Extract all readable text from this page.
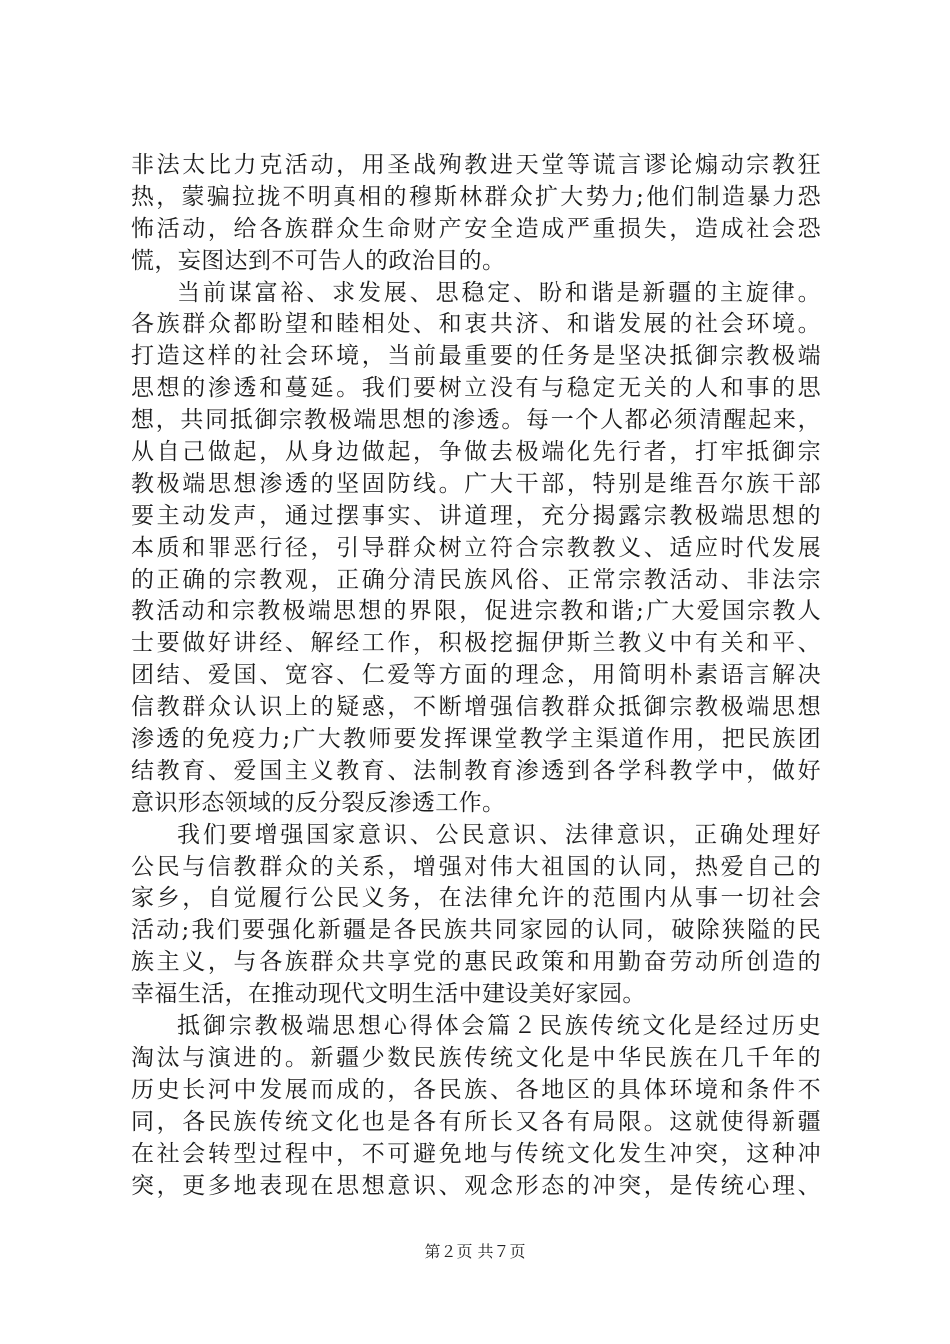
非法太比力克活动，用圣战殉教进天堂等谎言谬论煽动宗教狂
热，蒙骗拉拢不明真相的穆斯林群众扩大势力;他们制造暴力恐
怖活动，给各族群众生命财产安全造成严重损失，造成社会恐
慌，妄图达到不可告人的政治目的。
当前谋富裕、求发展、思稳定、盼和谐是新疆的主旋律。
各族群众都盼望和睦相处、和衷共济、和谐发展的社会环境。
打造这样的社会环境，当前最重要的任务是坚决抵御宗教极端
思想的渗透和蔓延。我们要树立没有与稳定无关的人和事的思
想，共同抵御宗教极端思想的渗透。每一个人都必须清醒起来，
从自己做起，从身边做起，争做去极端化先行者，打牢抵御宗
教极端思想渗透的坚固防线。广大干部，特别是维吾尔族干部
要主动发声，通过摆事实、讲道理，充分揭露宗教极端思想的
本质和罪恶行径，引导群众树立符合宗教教义、适应时代发展
的正确的宗教观，正确分清民族风俗、正常宗教活动、非法宗
教活动和宗教极端思想的界限，促进宗教和谐;广大爱国宗教人
士要做好讲经、解经工作，积极挖掘伊斯兰教义中有关和平、
团结、爱国、宽容、仁爱等方面的理念，用简明朴素语言解决
信教群众认识上的疑惑，不断增强信教群众抵御宗教极端思想
渗透的免疫力;广大教师要发挥课堂教学主渠道作用，把民族团
结教育、爱国主义教育、法制教育渗透到各学科教学中，做好
意识形态领域的反分裂反渗透工作。
我们要增强国家意识、公民意识、法律意识，正确处理好
公民与信教群众的关系，增强对伟大祖国的认同，热爱自己的
家乡，自觉履行公民义务，在法律允许的范围内从事一切社会
活动;我们要强化新疆是各民族共同家园的认同，破除狭隘的民
族主义，与各族群众共享党的惠民政策和用勤奋劳动所创造的
幸福生活，在推动现代文明生活中建设美好家园。
抵御宗教极端思想心得体会篇２民族传统文化是经过历史
淘汰与演进的。新疆少数民族传统文化是中华民族在几千年的
历史长河中发展而成的，各民族、各地区的具体环境和条件不
同，各民族传统文化也是各有所长又各有局限。这就使得新疆
在社会转型过程中，不可避免地与传统文化发生冲突，这种冲
突，更多地表现在思想意识、观念形态的冲突，是传统心理、
第２页 共７页
